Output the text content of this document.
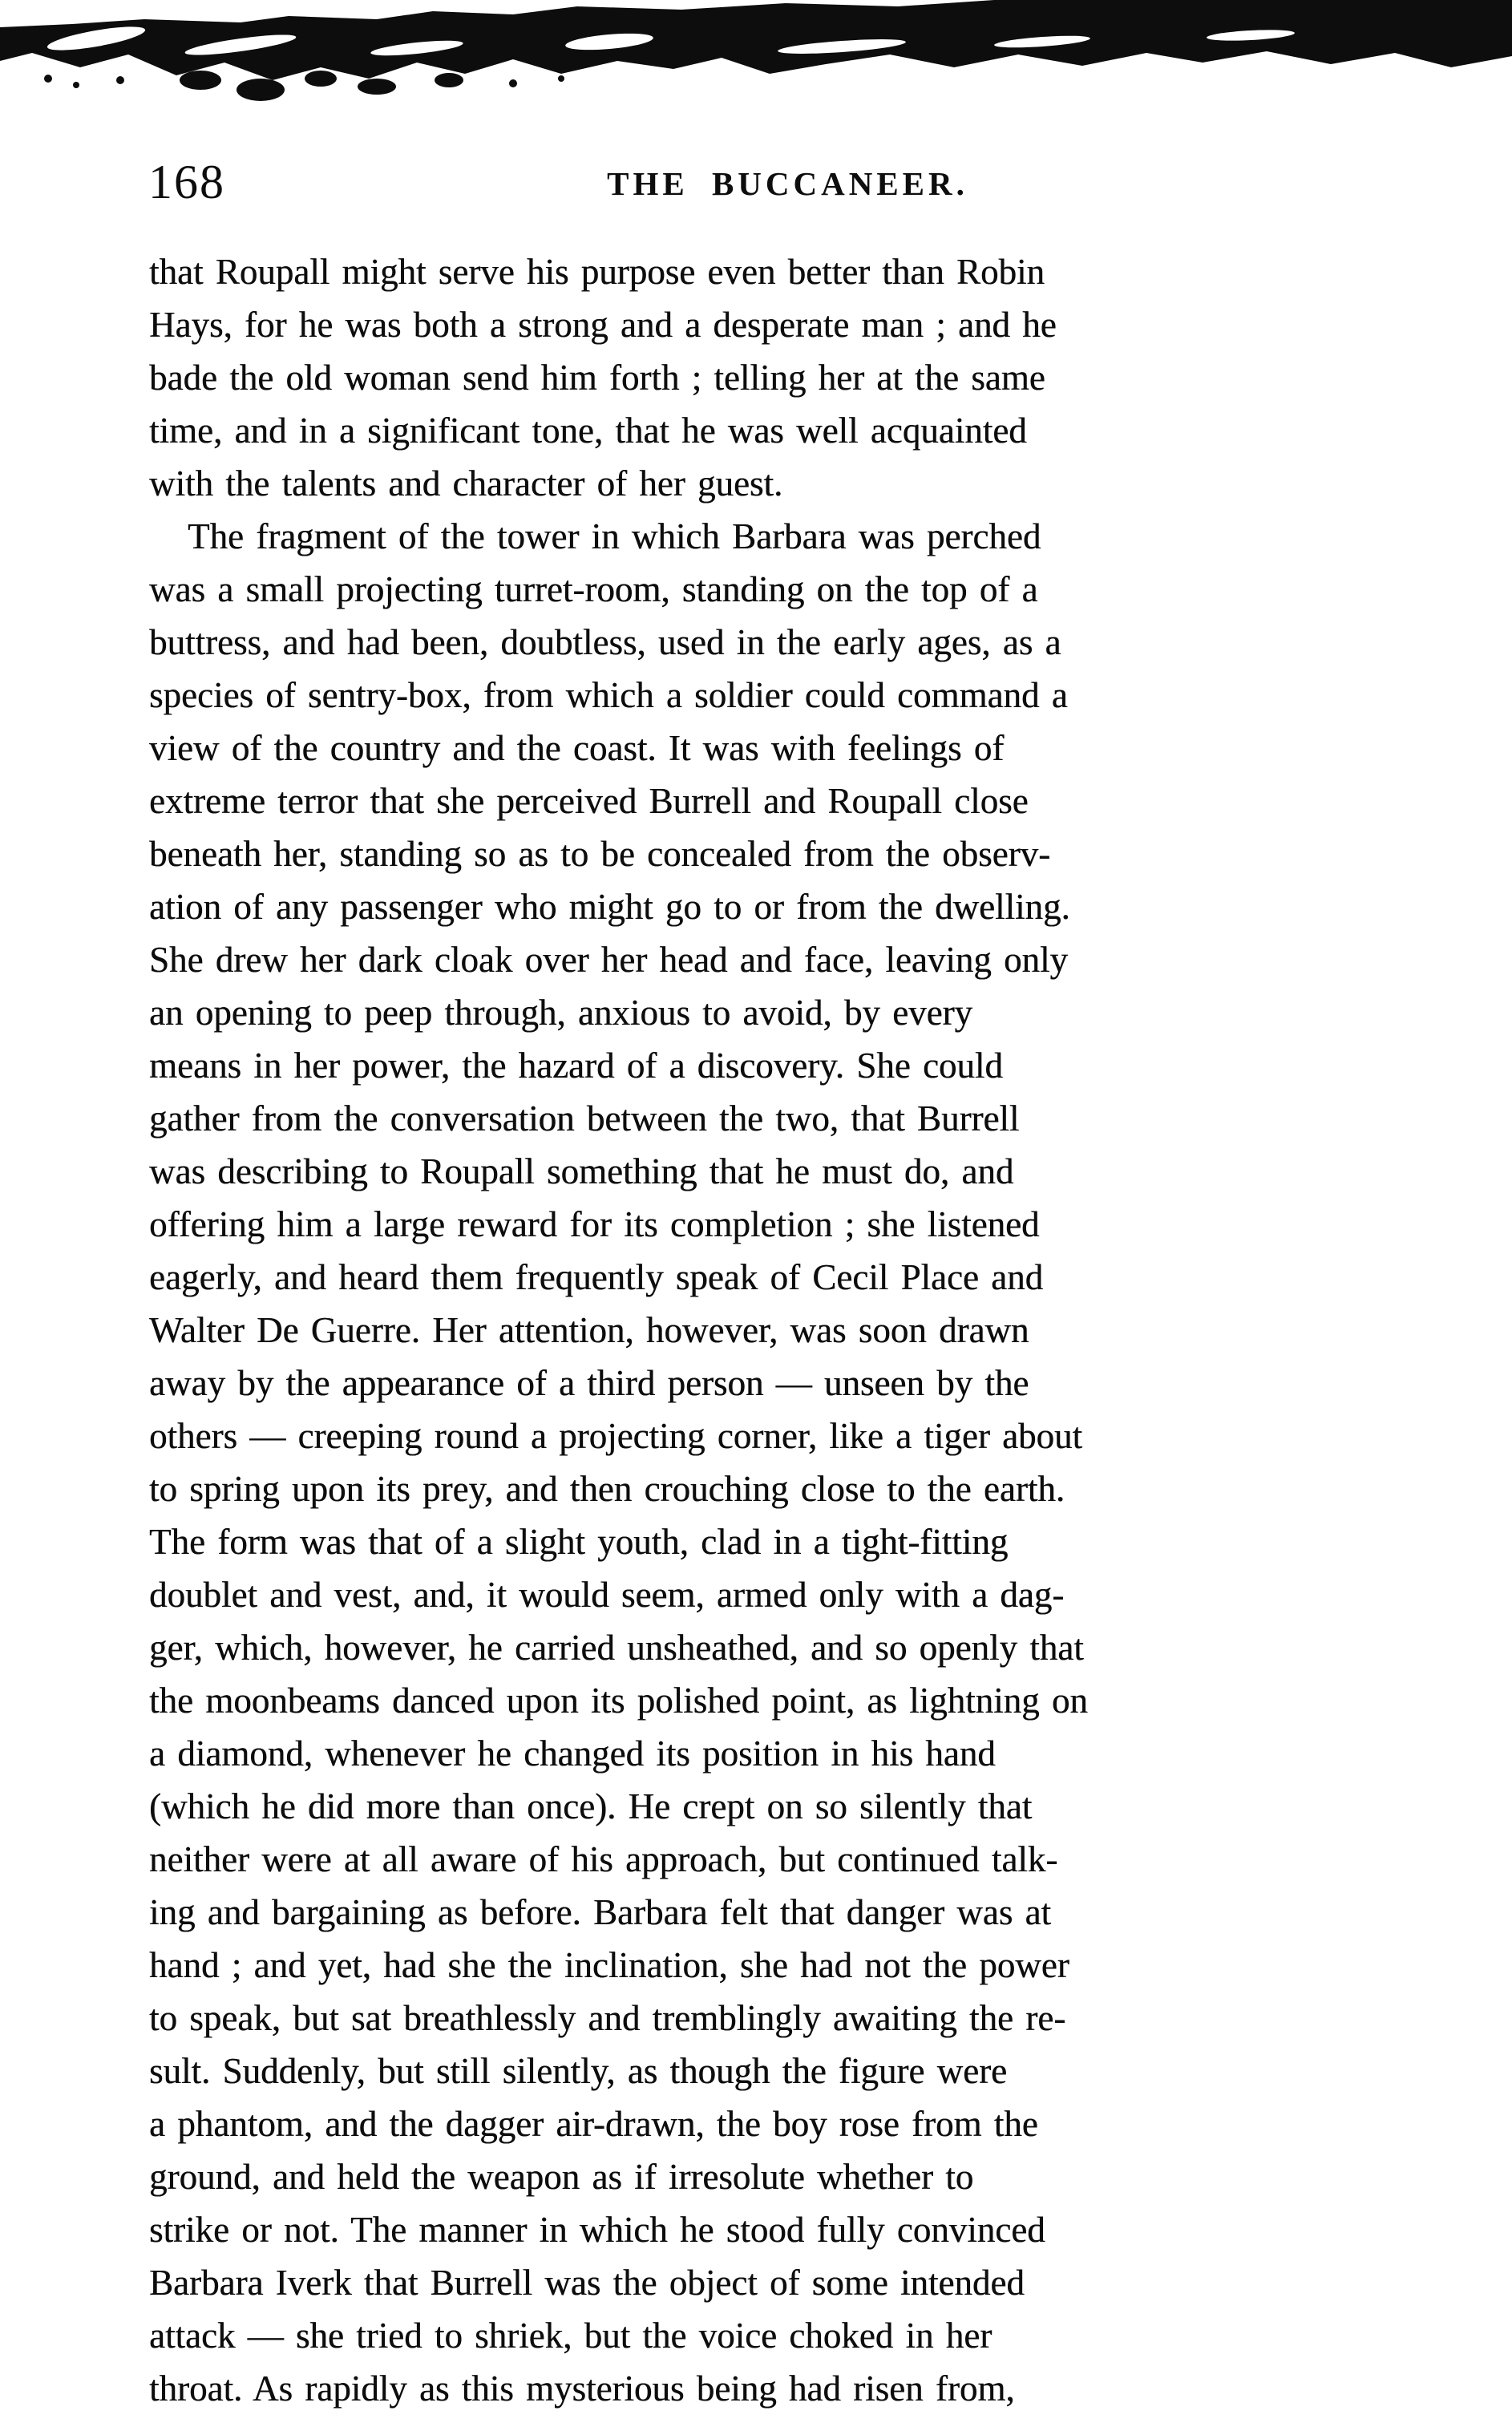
168	THE BUCCANEER.
that Roupall might serve his purpose even better than Robin
Hays, for he was both a strong and a desperate man ; and he
bade the old woman send him forth ; telling her at the same
time, and in a significant tone, that he was well acquainted
with the talents and character of her guest.
The fragment of the tower in which Barbara was perched
was a small projecting turret-room, standing on the top of a
buttress, and had been, doubtless, used in the early ages, as a
species of sentry-box, from which a soldier could command a
view of the country and the coast. It was with feelings of
extreme terror that she perceived Burrell and Roupall close
beneath her, standing so as to be concealed from the observ-
ation of any passenger who might go to or from the dwelling.
She drew her dark cloak over her head and face, leaving only
an opening to peep through, anxious to avoid, by every
means in her power, the hazard of a discovery. She could
gather from the conversation between the two, that Burrell
was describing to Roupall something that he must do, and
offering him a large reward for its completion ; she listened
eagerly, and heard them frequently speak of Cecil Place and
Walter De Guerre. Her attention, however, was soon drawn
away by the appearance of a third person — unseen by the
others — creeping round a projecting corner, like a tiger about
to spring upon its prey, and then crouching close to the earth.
The form was that of a slight youth, clad in a tight-fitting
doublet and vest, and, it would seem, armed only with a dag-
ger, which, however, he carried unsheathed, and so openly that
the moonbeams danced upon its polished point, as lightning on
a diamond, whenever he changed its position in his hand
(which he did more than once). He crept on so silently that
neither were at all aware of his approach, but continued talk-
ing and bargaining as before. Barbara felt that danger was at
hand ; and yet, had she the inclination, she had not the power
to speak, but sat breathlessly and tremblingly awaiting the re-
sult. Suddenly, but still silently, as though the figure were
a phantom, and the dagger air-drawn, the boy rose from the
ground, and held the weapon as if irresolute whether to
strike or not. The manner in which he stood fully convinced
Barbara Iverk that Burrell was the object of some intended
attack — she tried to shriek, but the voice choked in her
throat. As rapidly as this mysterious being had risen from,
